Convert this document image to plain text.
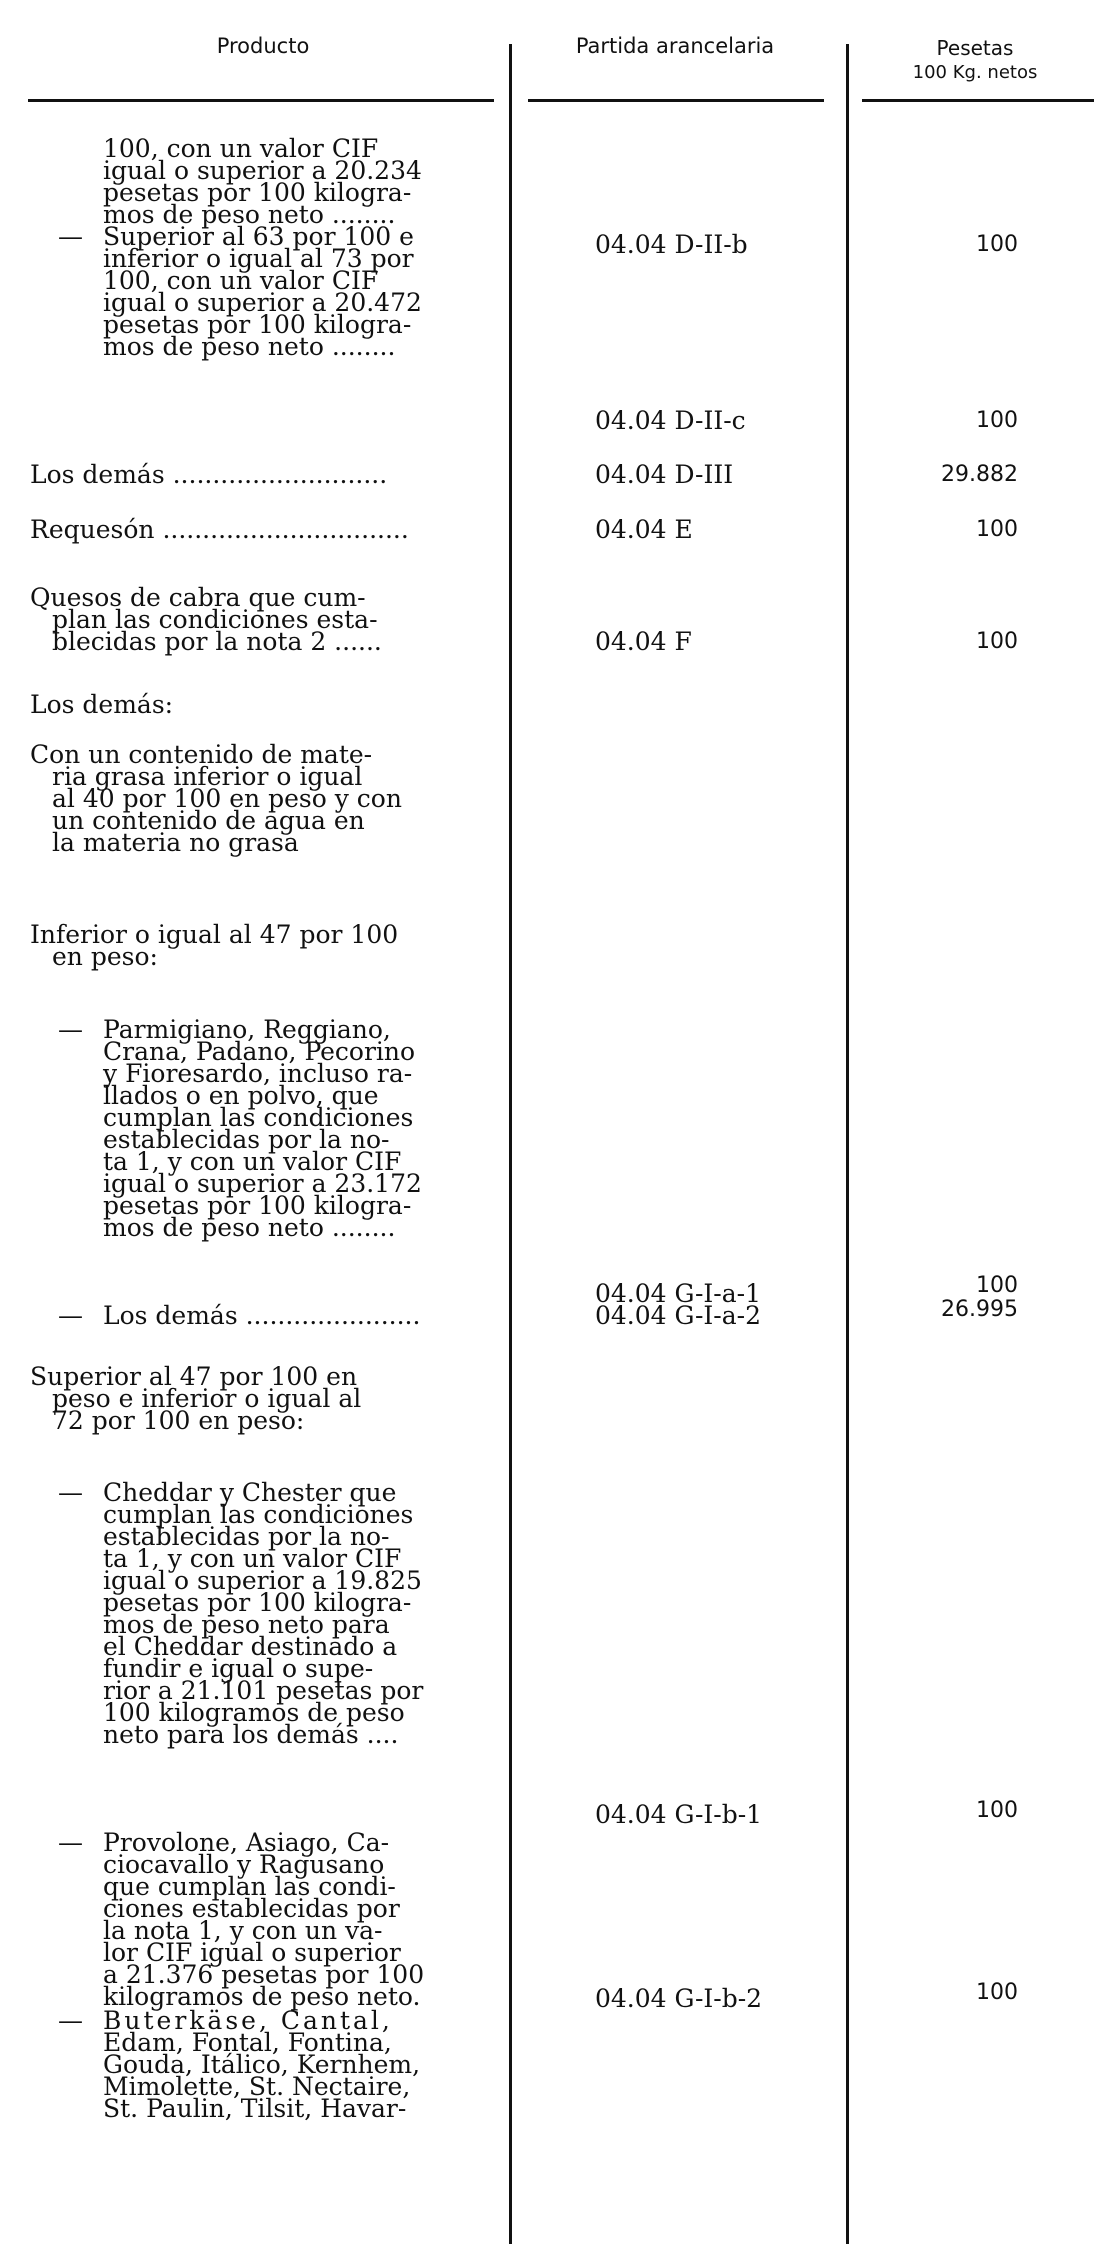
Producto	Partida arancelaria	Pesetas
100 Kg. netos
100, con un valor CIF
igual o superior a 20.234
pesetas por 100 kilogra-
mos de peso neto ........
04.04 D-II-b	100
— Superior al 63 por 100 e
inferior o igual al 73 por
100, con un valor CIF
igual o superior a 20.472
pesetas por 100 kilogra-
mos de peso neto ........
04.04 D-II-c	100
Los demás ...........................	04.04 D-III	29.882
Requesón ...............................	04.04 E	100
Quesos de cabra que cum-
plan las condiciones esta-
blecidas por la nota 2 ......	04.04 F	100
Los demás:
Con un contenido de mate-
ria grasa inferior o igual
al 40 por 100 en peso y con
un contenido de agua en
la materia no grasa
Inferior o igual al 47 por 100
en peso:
— Parmigiano, Reggiano,
Crana, Padano, Pecorino
y Fioresardo, incluso ra-
llados o en polvo, que
cumplan las condiciones
establecidas por la no-
ta 1, y con un valor CIF
igual o superior a 23.172
pesetas por 100 kilogra-
mos de peso neto ........
04.04 G-I-a-1	100
— Los demás ......................	04.04 G-I-a-2	26.995
Superior al 47 por 100 en
peso e inferior o igual al
72 por 100 en peso:
— Cheddar y Chester que
cumplan las condiciones
establecidas por la no-
ta 1, y con un valor CIF
igual o superior a 19.825
pesetas por 100 kilogra-
mos de peso neto para
el Cheddar destinado a
fundir e igual o supe-
rior a 21.101 pesetas por
100 kilogramos de peso
neto para los demás ....
04.04 G-I-b-1	100
— Provolone, Asiago, Ca-
ciocavallo y Ragusano
que cumplan las condi-
ciones establecidas por
la nota 1, y con un va-
lor CIF igual o superior
a 21.376 pesetas por 100
kilogramos de peso neto.	04.04 G-I-b-2	100
— Buterkäse, Cantal,
Edam, Fontal, Fontina,
Gouda, Itálico, Kernhem,
Mimolette, St. Nectaire,
St. Paulin, Tilsit, Havar-
